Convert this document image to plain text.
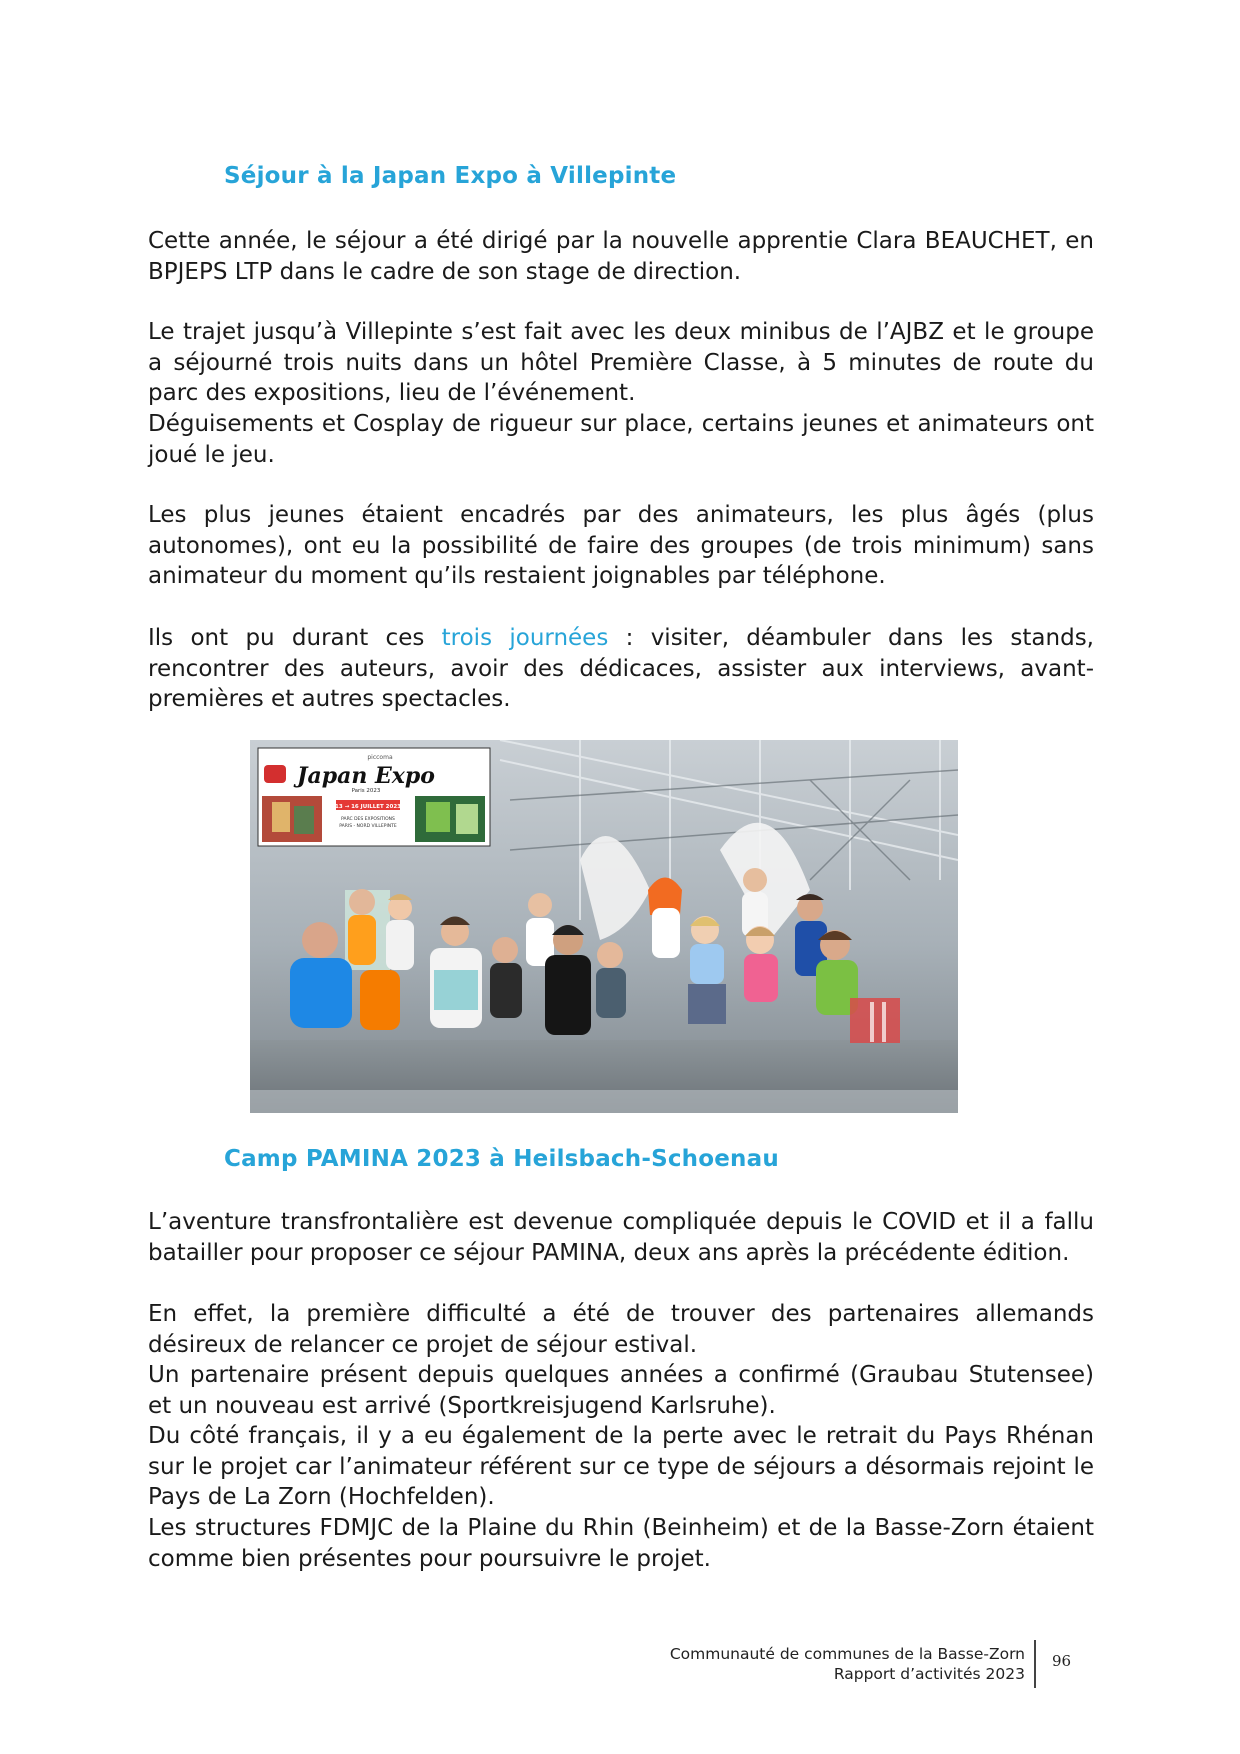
Séjour à la Japan Expo à Villepinte

Cette année, le séjour a été dirigé par la nouvelle apprentie Clara BEAUCHET, en BPJEPS LTP dans le cadre de son stage de direction.

Le trajet jusqu’à Villepinte s’est fait avec les deux minibus de l’AJBZ et le groupe a séjourné trois nuits dans un hôtel Première Classe, à 5 minutes de route du parc des expositions, lieu de l’événement.

Déguisements et Cosplay de rigueur sur place, certains jeunes et animateurs ont joué le jeu.

Les plus jeunes étaient encadrés par des animateurs, les plus âgés (plus autonomes), ont eu la possibilité de faire des groupes (de trois minimum) sans animateur du moment qu’ils restaient joignables par téléphone.

Ils ont pu durant ces trois journées : visiter, déambuler dans les stands, rencontrer des auteurs, avoir des dédicaces, assister aux interviews, avant-premières et autres spectacles.

piccoma
Japan Expo
Paris 2023
13 → 16 JUILLET 2023
PARC DES EXPOSITIONS
PARIS - NORD VILLEPINTE
Camp PAMINA 2023 à Heilsbach-Schoenau

L’aventure transfrontalière est devenue compliquée depuis le COVID et il a fallu batailler pour proposer ce séjour PAMINA, deux ans après la précédente édition.

En effet, la première difficulté a été de trouver des partenaires allemands désireux de relancer ce projet de séjour estival.

Un partenaire présent depuis quelques années a confirmé (Graubau Stutensee) et un nouveau est arrivé (Sportkreisjugend Karlsruhe).

Du côté français, il y a eu également de la perte avec le retrait du Pays Rhénan sur le projet car l’animateur référent sur ce type de séjours a désormais rejoint le Pays de La Zorn (Hochfelden).

Les structures FDMJC de la Plaine du Rhin (Beinheim) et de la Basse-Zorn étaient comme bien présentes pour poursuivre le projet.

Communauté de communes de la Basse-Zorn
Rapport d’activités 2023
96
